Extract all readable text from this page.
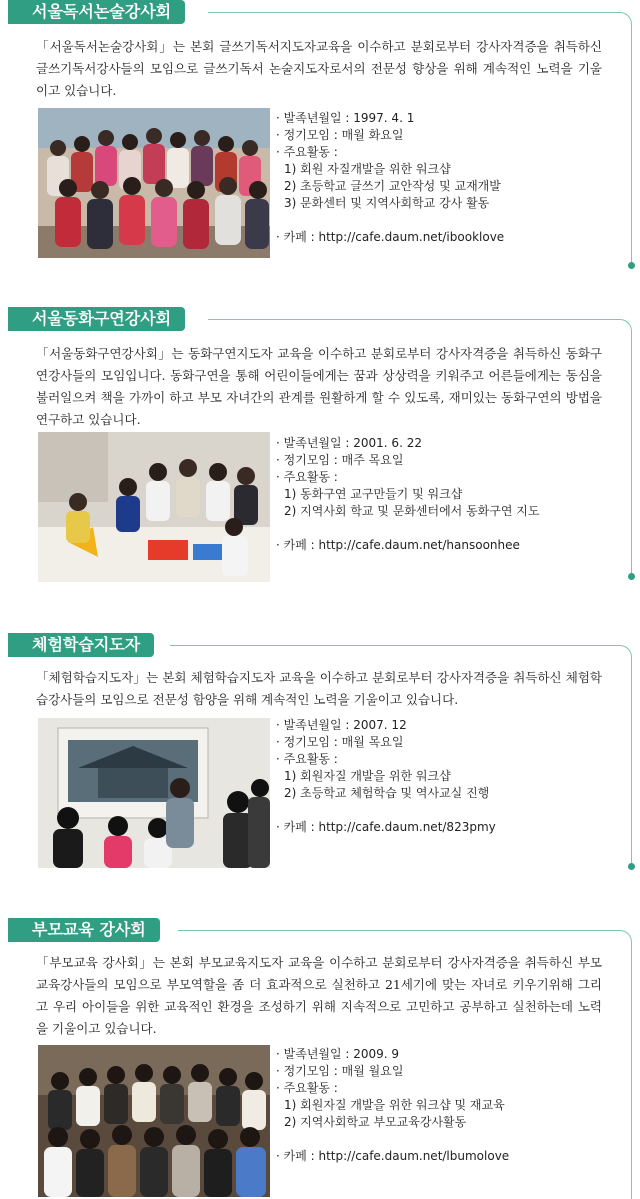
서울독서논술강사회

「서울독서논술강사회」는 본회 글쓰기독서지도자교육을 이수하고 분회로부터 강사자격증을 취득하신 글쓰기독서강사들의 모임으로 글쓰기독서 논술지도자로서의 전문성 향상을 위해 계속적인 노력을 기울이고 있습니다.

· 발족년월일 : 1997. 4. 1
· 정기모임 : 매월 화요일
· 주요활동 :
1) 회원 자질개발을 위한 워크샵
2) 초등학교 글쓰기 교안작성 및 교재개발
3) 문화센터 및 지역사회학교 강사 활동
· 카페 : http://cafe.daum.net/ibooklove
서울동화구연강사회

「서울동화구연강사회」는 동화구연지도자 교육을 이수하고 분회로부터 강사자격증을 취득하신 동화구연강사들의 모임입니다. 동화구연을 통해 어린이들에게는 꿈과 상상력을 키워주고 어른들에게는 동심을 불러일으켜 책을 가까이 하고 부모 자녀간의 관계를 원활하게 할 수 있도록, 재미있는 동화구연의 방법을 연구하고 있습니다.

· 발족년월일 : 2001. 6. 22
· 정기모임 : 매주 목요일
· 주요활동 :
1) 동화구연 교구만들기 및 워크샵
2) 지역사회 학교 및 문화센터에서 동화구연 지도
· 카페 : http://cafe.daum.net/hansoonhee
체험학습지도자

「체험학습지도자」는 본회 체험학습지도자 교육을 이수하고 분회로부터 강사자격증을 취득하신 체험학습강사들의 모임으로 전문성 함양을 위해 계속적인 노력을 기울이고 있습니다.

· 발족년월일 : 2007. 12
· 정기모임 : 매월 목요일
· 주요활동 :
1) 회원자질 개발을 위한 워크샵
2) 초등학교 체험학습 및 역사교실 진행
· 카페 : http://cafe.daum.net/823pmy
부모교육 강사회

「부모교육 강사회」는 본회 부모교육지도자 교육을 이수하고 분회로부터 강사자격증을 취득하신 부모교육강사들의 모임으로 부모역할을 좀 더 효과적으로 실천하고 21세기에 맞는 자녀로 키우기위해 그리고 우리 아이들을 위한 교육적인 환경을 조성하기 위해 지속적으로 고민하고 공부하고 실천하는데 노력을 기울이고 있습니다.

· 발족년월일 : 2009. 9
· 정기모임 : 매월 월요일
· 주요활동 :
1) 회원자질 개발을 위한 워크샵 및 재교육
2) 지역사회학교 부모교육강사활동
· 카페 : http://cafe.daum.net/lbumolove
